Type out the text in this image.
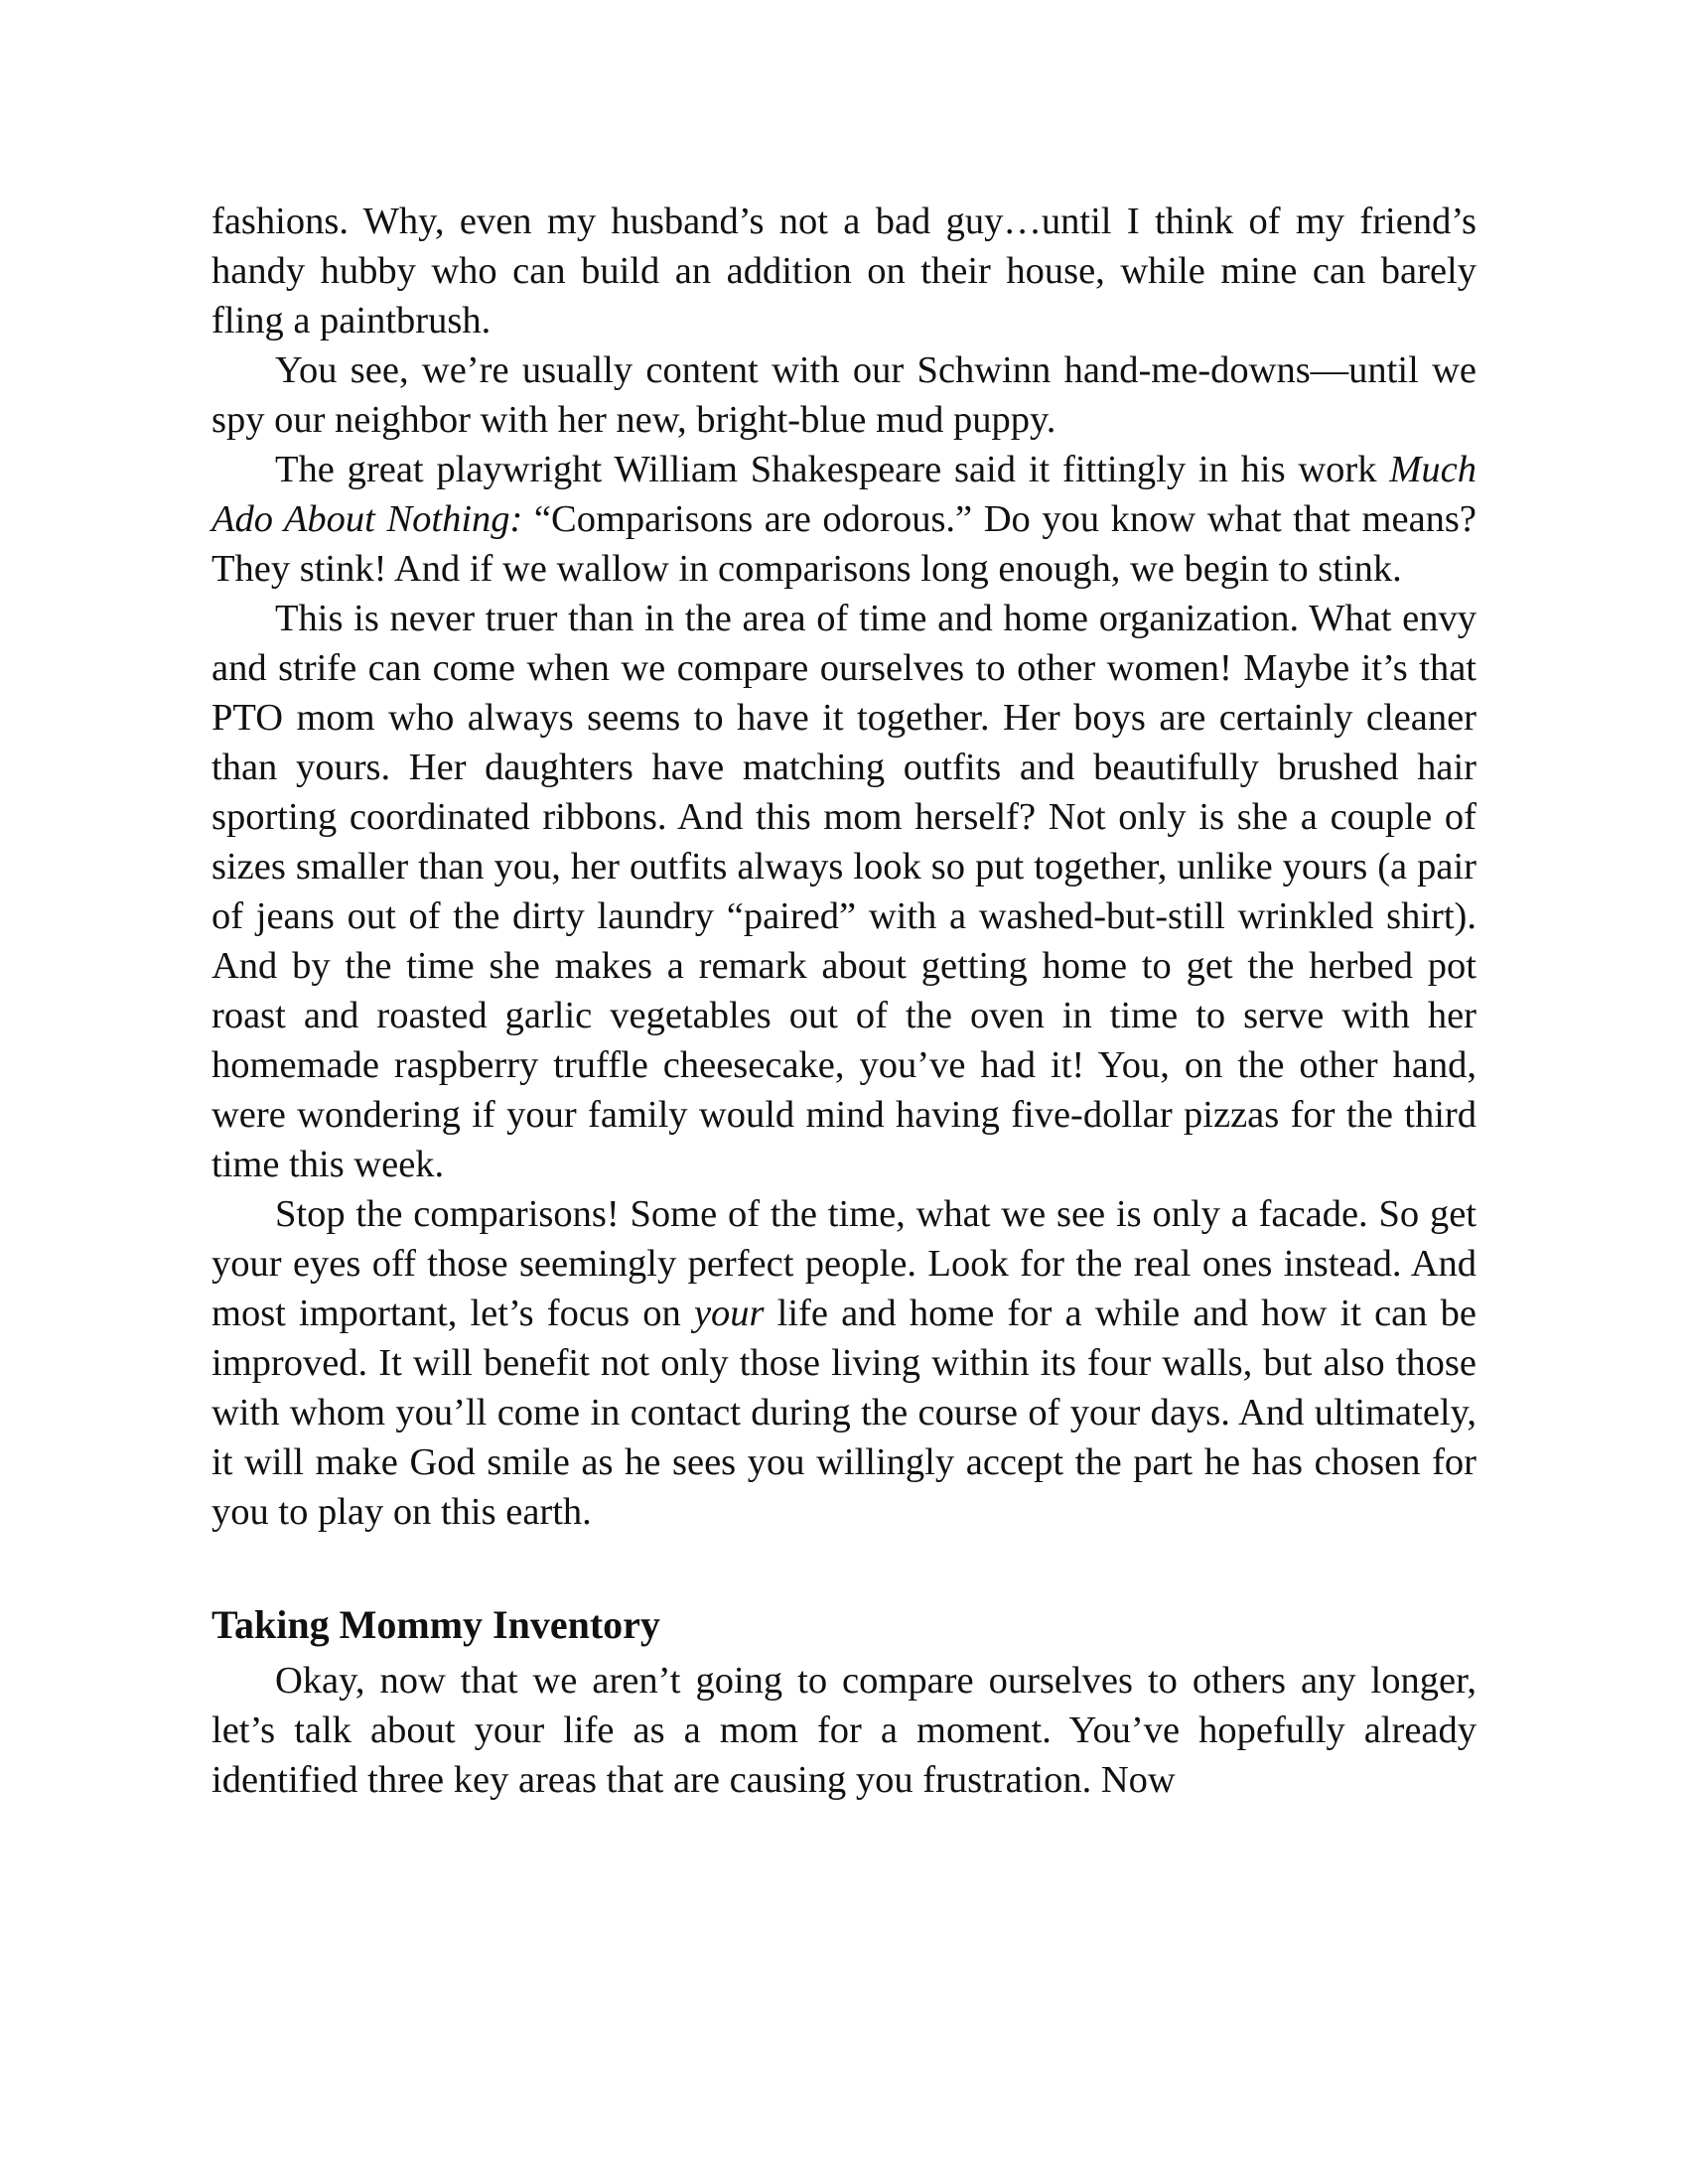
fashions. Why, even my husband’s not a bad guy…until I think of my friend’s handy hubby who can build an addition on their house, while mine can barely fling a paintbrush.

You see, we’re usually content with our Schwinn hand-me-downs—until we spy our neighbor with her new, bright-blue mud puppy.

The great playwright William Shakespeare said it fittingly in his work Much Ado About Nothing: “Comparisons are odorous.” Do you know what that means? They stink! And if we wallow in comparisons long enough, we begin to stink.

This is never truer than in the area of time and home organization. What envy and strife can come when we compare ourselves to other women! Maybe it’s that PTO mom who always seems to have it together. Her boys are certainly cleaner than yours. Her daughters have matching outfits and beautifully brushed hair sporting coordinated ribbons. And this mom herself? Not only is she a couple of sizes smaller than you, her outfits always look so put together, unlike yours (a pair of jeans out of the dirty laundry “paired” with a washed-but-still wrinkled shirt). And by the time she makes a remark about getting home to get the herbed pot roast and roasted garlic vegetables out of the oven in time to serve with her homemade raspberry truffle cheesecake, you’ve had it! You, on the other hand, were wondering if your family would mind having five-dollar pizzas for the third time this week.

Stop the comparisons! Some of the time, what we see is only a facade. So get your eyes off those seemingly perfect people. Look for the real ones instead. And most important, let’s focus on your life and home for a while and how it can be improved. It will benefit not only those living within its four walls, but also those with whom you’ll come in contact during the course of your days. And ultimately, it will make God smile as he sees you willingly accept the part he has chosen for you to play on this earth.

Taking Mommy Inventory

Okay, now that we aren’t going to compare ourselves to others any longer, let’s talk about your life as a mom for a moment. You’ve hopefully already identified three key areas that are causing you frustration. Now
